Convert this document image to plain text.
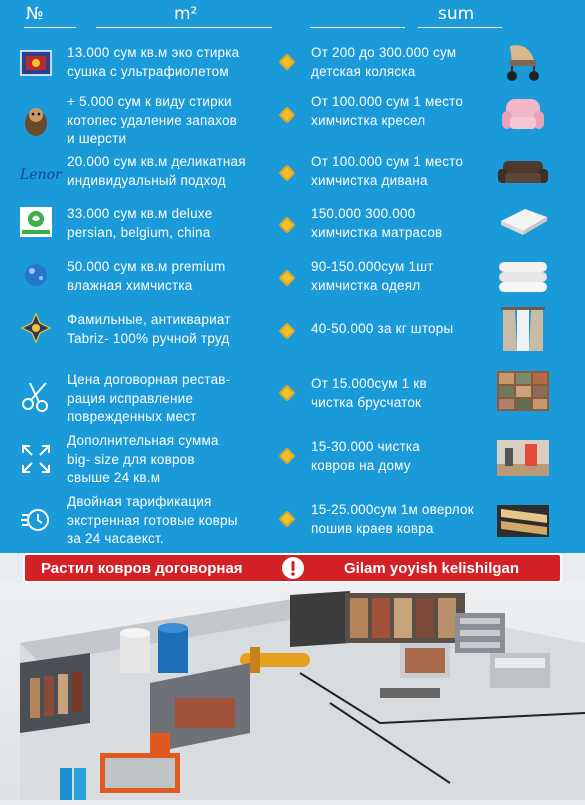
№	m²	sum
13.000 сум кв.м эко стирка
сушка с ультрафиолетом
От 200 до 300.000 сум
детская коляска
+ 5.000 сум к виду стирки
котопес удаление запахов
и шерсти
От 100.000 сум 1 место
химчистка кресел
Lenor
20.000 сум кв.м деликатная
индивидуальный подход
От 100.000 сум 1 место
химчистка дивана
33.000 сум кв.м deluxe
persian, belgium, china
150.000 300.000
химчистка матрасов
50.000 сум кв.м premium
влажная химчистка
90-150.000сум 1шт
химчистка одеял
Фамильные, антиквариат
Tabriz- 100% ручной труд
40-50.000 за кг шторы
Цена договорная рестав-
рация исправление
поврежденных мест
От 15.000сум 1 кв
чистка брусчаток
Дополнительная сумма
big- size для ковров
свыше 24 кв.м
15-30.000 чистка
ковров на дому
Двойная тарификация
экстренная готовые ковры
за 24 часаекст.
15-25.000сум 1м оверлок
пошив краев ковра
Растил ковров договорная	Gilam yoyish kelishilgan
